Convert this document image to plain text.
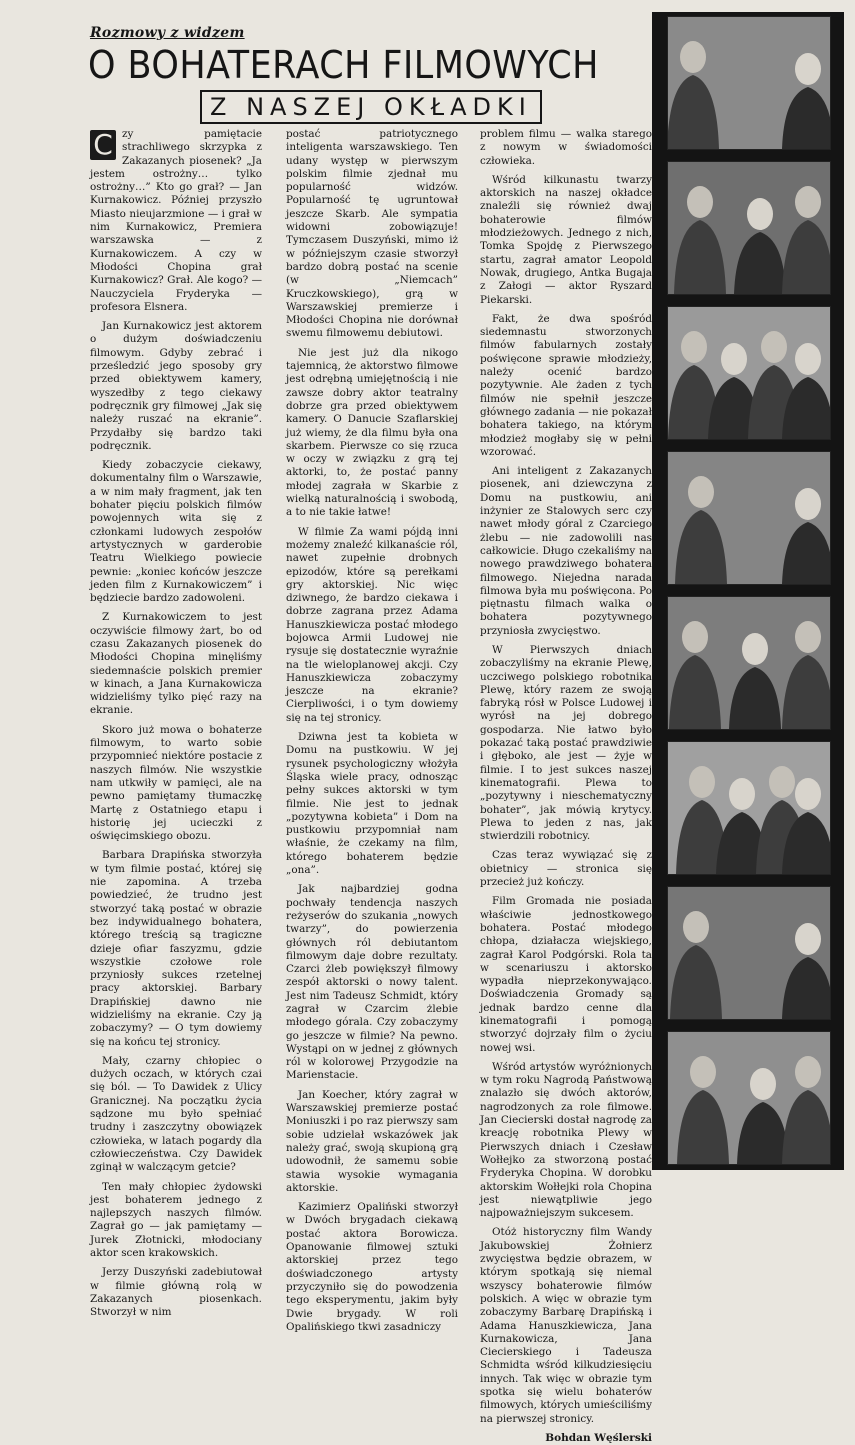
Rozmowy z widzem
O BOHATERACH FILMOWYCH
Z NASZEJ OKŁADKI

C zy pamiętacie strachliwego skrzypka z Zakazanych piosenek? „Ja jestem ostrożny… tylko ostrożny…” Kto go grał? — Jan Kurnakowicz. Później przyszło Miasto nieujarzmione — i grał w nim Kurnakowicz, Premiera warszawska — z Kurnakowiczem. A czy w Młodości Chopina grał Kurnakowicz? Grał. Ale kogo? — Nauczyciela Fryderyka — profesora Elsnera.

Jan Kurnakowicz jest aktorem o dużym doświadczeniu filmowym. Gdyby zebrać i prześledzić jego sposoby gry przed obiektywem kamery, wyszedłby z tego ciekawy podręcznik gry filmowej „Jak się należy ruszać na ekranie”. Przydałby się bardzo taki podręcznik.

Kiedy zobaczycie ciekawy, dokumentalny film o Warszawie, a w nim mały fragment, jak ten bohater pięciu polskich filmów powojennych wita się z członkami ludowych zespołów artystycznych w garderobie Teatru Wielkiego powiecie pewnie: „koniec końców jeszcze jeden film z Kurnakowiczem” i będziecie bardzo zadowoleni.

Z Kurnakowiczem to jest oczywiście filmowy żart, bo od czasu Zakazanych piosenek do Młodości Chopina minęliśmy siedemnaście polskich premier w kinach, a Jana Kurnakowicza widzieliśmy tylko pięć razy na ekranie.

Skoro już mowa o bohaterze filmowym, to warto sobie przypomnieć niektóre postacie z naszych filmów. Nie wszystkie nam utkwiły w pamięci, ale na pewno pamiętamy tłumaczkę Martę z Ostatniego etapu i historię jej ucieczki z oświęcimskiego obozu.

Barbara Drapińska stworzyła w tym filmie postać, której się nie zapomina. A trzeba powiedzieć, że trudno jest stworzyć taką postać w obrazie bez indywidualnego bohatera, którego treścią są tragiczne dzieje ofiar faszyzmu, gdzie wszystkie czołowe role przyniosły sukces rzetelnej pracy aktorskiej. Barbary Drapińskiej dawno nie widzieliśmy na ekranie. Czy ją zobaczymy? — O tym dowiemy się na końcu tej stronicy.

Mały, czarny chłopiec o dużych oczach, w których czai się ból. — To Dawidek z Ulicy Granicznej. Na początku życia sądzone mu było spełniać trudny i zaszczytny obowiązek człowieka, w latach pogardy dla człowieczeństwa. Czy Dawidek zginął w walczącym getcie?

Ten mały chłopiec żydowski jest bohaterem jednego z najlepszych naszych filmów. Zagrał go — jak pamiętamy — Jurek Złotnicki, młodociany aktor scen krakowskich.

Jerzy Duszyński zadebiutował w filmie główną rolą w Zakazanych piosenkach. Stworzył w nim

postać patriotycznego inteligenta warszawskiego. Ten udany występ w pierwszym polskim filmie zjednał mu popularność widzów. Popularność tę ugruntował jeszcze Skarb. Ale sympatia widowni zobowiązuje! Tymczasem Duszyński, mimo iż w późniejszym czasie stworzył bardzo dobrą postać na scenie (w „Niemcach” Kruczkowskiego), grą w Warszawskiej premierze i Młodości Chopina nie dorównał swemu filmowemu debiutowi.

Nie jest już dla nikogo tajemnicą, że aktorstwo filmowe jest odrębną umiejętnością i nie zawsze dobry aktor teatralny dobrze gra przed obiektywem kamery. O Danucie Szaflarskiej już wiemy, że dla filmu była ona skarbem. Pierwsze co się rzuca w oczy w związku z grą tej aktorki, to, że postać panny młodej zagrała w Skarbie z wielką naturalnością i swobodą, a to nie takie łatwe!

W filmie Za wami pójdą inni możemy znaleźć kilkanaście ról, nawet zupełnie drobnych epizodów, które są perełkami gry aktorskiej. Nic więc dziwnego, że bardzo ciekawa i dobrze zagrana przez Adama Hanuszkiewicza postać młodego bojowca Armii Ludowej nie rysuje się dostatecznie wyraźnie na tle wieloplanowej akcji. Czy Hanuszkiewicza zobaczymy jeszcze na ekranie? Cierpliwości, i o tym dowiemy się na tej stronicy.

Dziwna jest ta kobieta w Domu na pustkowiu. W jej rysunek psychologiczny włożyła Śląska wiele pracy, odnosząc pełny sukces aktorski w tym filmie. Nie jest to jednak „pozytywna kobieta” i Dom na pustkowiu przypomniał nam właśnie, że czekamy na film, którego bohaterem będzie „ona”.

Jak najbardziej godna pochwały tendencja naszych reżyserów do szukania „nowych twarzy”, do powierzenia głównych ról debiutantom filmowym daje dobre rezultaty. Czarci żleb powiększył filmowy zespół aktorski o nowy talent. Jest nim Tadeusz Schmidt, który zagrał w Czarcim żlebie młodego górala. Czy zobaczymy go jeszcze w filmie? Na pewno. Wystąpi on w jednej z głównych ról w kolorowej Przygodzie na Marienstacie.

Jan Koecher, który zagrał w Warszawskiej premierze postać Moniuszki i po raz pierwszy sam sobie udzielał wskazówek jak należy grać, swoją skupioną grą udowodnił, że samemu sobie stawia wysokie wymagania aktorskie.

Kazimierz Opaliński stworzył w Dwóch brygadach ciekawą postać aktora Borowicza. Opanowanie filmowej sztuki aktorskiej przez tego doświadczonego artysty przyczyniło się do powodzenia tego eksperymentu, jakim były Dwie brygady. W roli Opalińskiego tkwi zasadniczy

problem filmu — walka starego z nowym w świadomości człowieka.

Wśród kilkunastu twarzy aktorskich na naszej okładce znaleźli się również dwaj bohaterowie filmów młodzieżowych. Jednego z nich, Tomka Spojdę z Pierwszego startu, zagrał amator Leopold Nowak, drugiego, Antka Bugaja z Załogi — aktor Ryszard Piekarski.

Fakt, że dwa spośród siedemnastu stworzonych filmów fabularnych zostały poświęcone sprawie młodzieży, należy ocenić bardzo pozytywnie. Ale żaden z tych filmów nie spełnił jeszcze głównego zadania — nie pokazał bohatera takiego, na którym młodzież mogłaby się w pełni wzorować.

Ani inteligent z Zakazanych piosenek, ani dziewczyna z Domu na pustkowiu, ani inżynier ze Stalowych serc czy nawet młody góral z Czarciego żlebu — nie zadowolili nas całkowicie. Długo czekaliśmy na nowego prawdziwego bohatera filmowego. Niejedna narada filmowa była mu poświęcona. Po piętnastu filmach walka o bohatera pozytywnego przyniosła zwycięstwo.

W Pierwszych dniach zobaczyliśmy na ekranie Plewę, uczciwego polskiego robotnika Plewę, który razem ze swoją fabryką rósł w Polsce Ludowej i wyrósł na jej dobrego gospodarza. Nie łatwo było pokazać taką postać prawdziwie i głęboko, ale jest — żyje w filmie. I to jest sukces naszej kinematografii. Plewa to „pozytywny i nieschematyczny bohater”, jak mówią krytycy. Plewa to jeden z nas, jak stwierdzili robotnicy.

Czas teraz wywiązać się z obietnicy — stronica się przecież już kończy.

Film Gromada nie posiada właściwie jednostkowego bohatera. Postać młodego chłopa, działacza wiejskiego, zagrał Karol Podgórski. Rola ta w scenariuszu i aktorsko wypadła nieprzekonywająco. Doświadczenia Gromady są jednak bardzo cenne dla kinematografii i pomogą stworzyć dojrzały film o życiu nowej wsi.

Wśród artystów wyróżnionych w tym roku Nagrodą Państwową znalazło się dwóch aktorów, nagrodzonych za role filmowe. Jan Ciecierski dostał nagrodę za kreację robotnika Plewy w Pierwszych dniach i Czesław Wołłejko za stworzoną postać Fryderyka Chopina. W dorobku aktorskim Wołłejki rola Chopina jest niewątpliwie jego najpoważniejszym sukcesem.

Otóż historyczny film Wandy Jakubowskiej Żołnierz zwycięstwa będzie obrazem, w którym spotkają się niemal wszyscy bohaterowie filmów polskich. A więc w obrazie tym zobaczymy Barbarę Drapińską i Adama Hanuszkiewicza, Jana Kurnakowicza, Jana Ciecierskiego i Tadeusza Schmidta wśród kilkudziesięciu innych. Tak więc w obrazie tym spotka się wielu bohaterów filmowych, których umieściliśmy na pierwszej stronicy.

Bohdan Węślerski
